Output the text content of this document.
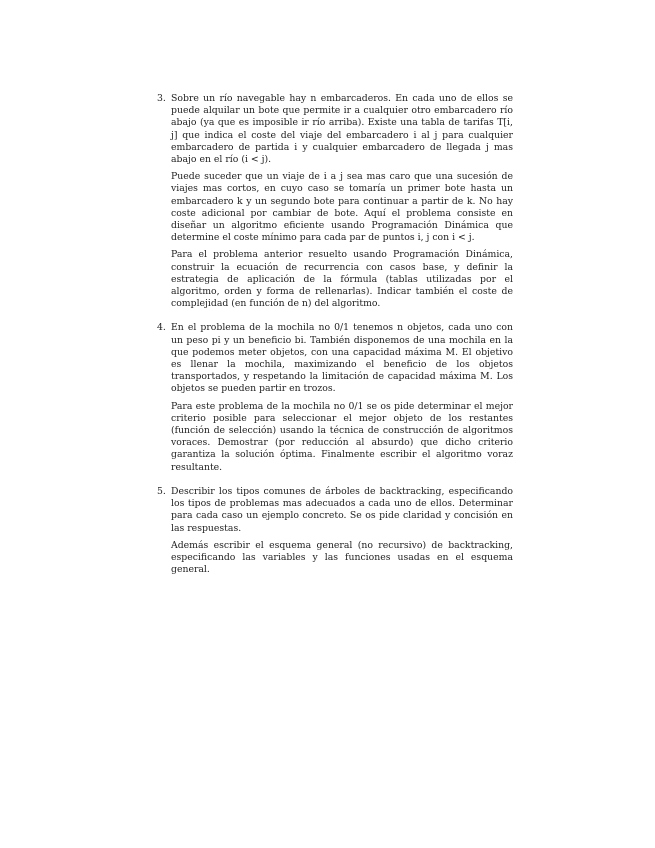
3. Sobre un río navegable hay n embarcaderos. En cada uno de ellos se puede alquilar un bote que permite ir a cualquier otro embarcadero río abajo (ya que es imposible ir río arriba). Existe una tabla de tarifas T[i, j] que indica el coste del viaje del embarcadero i al j para cualquier embarcadero de partida i y cualquier embarcadero de llegada j mas abajo en el río (i < j).

Puede suceder que un viaje de i a j sea mas caro que una sucesión de viajes mas cortos, en cuyo caso se tomaría un primer bote hasta un embarcadero k y un segundo bote para continuar a partir de k. No hay coste adicional por cambiar de bote. Aquí el problema consiste en diseñar un algoritmo eficiente usando Programación Dinámica que determine el coste mínimo para cada par de puntos i, j con i < j.

Para el problema anterior resuelto usando Programación Dinámica, construir la ecuación de recurrencia con casos base, y definir la estrategia de aplicación de la fórmula (tablas utilizadas por el algoritmo, orden y forma de rellenarlas). Indicar también el coste de complejidad (en función de n) del algoritmo.

4. En el problema de la mochila no 0/1 tenemos n objetos, cada uno con un peso pi y un beneficio bi. También disponemos de una mochila en la que podemos meter objetos, con una capacidad máxima M. El objetivo es llenar la mochila, maximizando el beneficio de los objetos transportados, y respetando la limitación de capacidad máxima M. Los objetos se pueden partir en trozos.

Para este problema de la mochila no 0/1 se os pide determinar el mejor criterio posible para seleccionar el mejor objeto de los restantes (función de selección) usando la técnica de construcción de algoritmos voraces. Demostrar (por reducción al absurdo) que dicho criterio garantiza la solución óptima. Finalmente escribir el algoritmo voraz resultante.

5. Describir los tipos comunes de árboles de backtracking, especificando los tipos de problemas mas adecuados a cada uno de ellos. Determinar para cada caso un ejemplo concreto. Se os pide claridad y concisión en las respuestas.

Además escribir el esquema general (no recursivo) de backtracking, especificando las variables y las funciones usadas en el esquema general.
